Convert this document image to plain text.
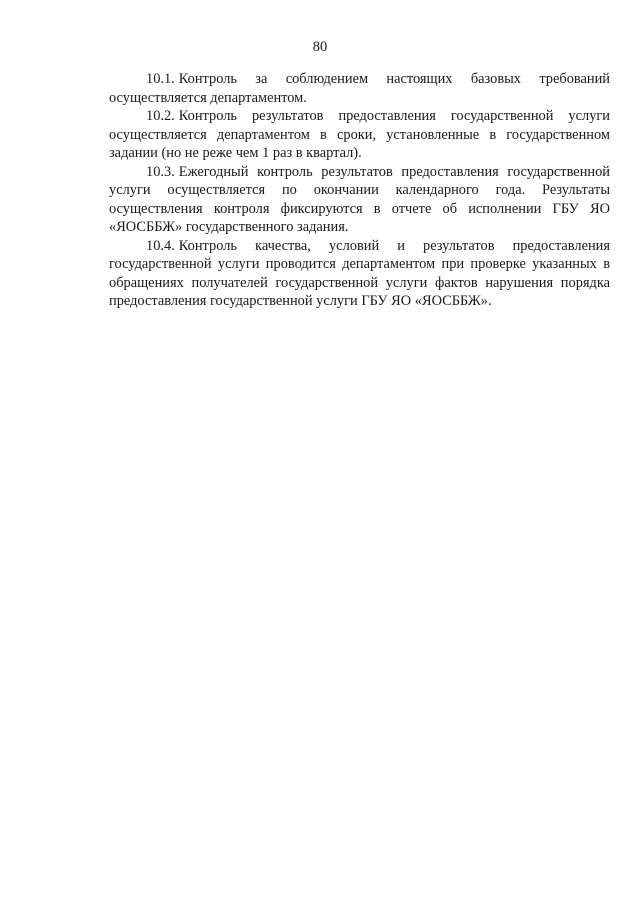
80

10.1. Контроль за соблюдением настоящих базовых требований осуществляется департаментом.

10.2. Контроль результатов предоставления государственной услуги осуществляется департаментом в сроки, установленные в государственном задании (но не реже чем 1 раз в квартал).

10.3. Ежегодный контроль результатов предоставления государственной услуги осуществляется по окончании календарного года. Результаты осуществления контроля фиксируются в отчете об исполнении ГБУ ЯО «ЯОСББЖ» государственного задания.

10.4. Контроль качества, условий и результатов предоставления государственной услуги проводится департаментом при проверке указанных в обращениях получателей государственной услуги фактов нарушения порядка предоставления государственной услуги ГБУ ЯО «ЯОСББЖ».
